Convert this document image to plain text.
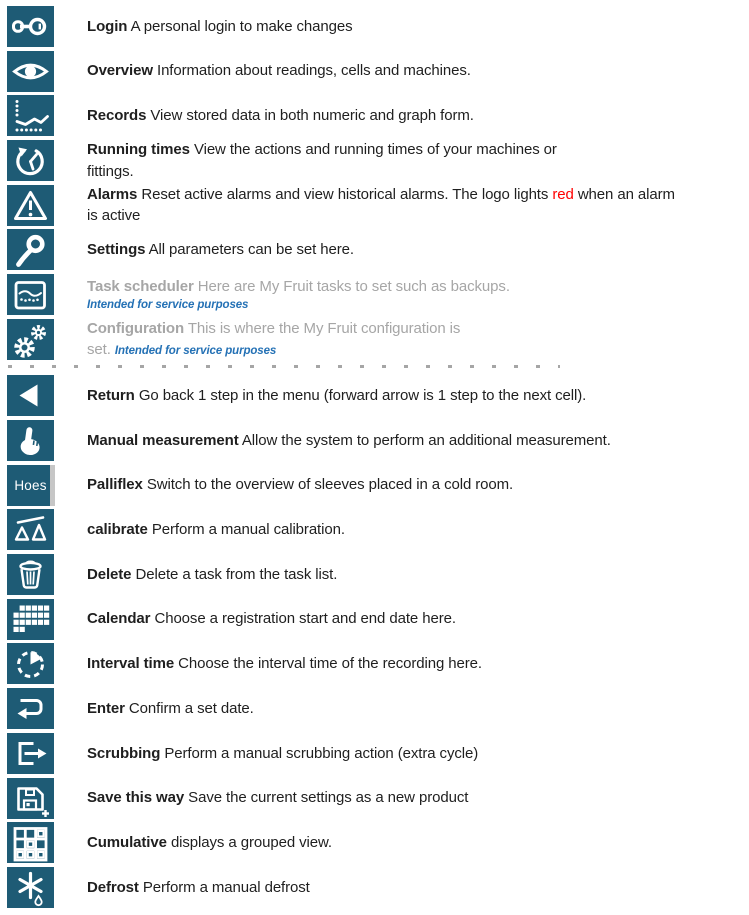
Login A personal login to make changes
Overview Information about readings, cells and machines.
Records View stored data in both numeric and graph form.
Running times View the actions and running times of your machines or
fittings.
Alarms Reset active alarms and view historical alarms. The logo lights red when an alarm
is active
Settings All parameters can be set here.
Task scheduler Here are My Fruit tasks to set such as backups.
Intended for service purposes
Configuration This is where the My Fruit configuration is
set. Intended for service purposes
Return Go back 1 step in the menu (forward arrow is 1 step to the next cell).
Manual measurement Allow the system to perform an additional measurement.
Hoes	Palliflex Switch to the overview of sleeves placed in a cold room.
calibrate Perform a manual calibration.
Delete Delete a task from the task list.
Calendar Choose a registration start and end date here.
Interval time Choose the interval time of the recording here.
Enter Confirm a set date.
Scrubbing Perform a manual scrubbing action (extra cycle)
Save this way Save the current settings as a new product
Cumulative displays a grouped view.
Defrost Perform a manual defrost
